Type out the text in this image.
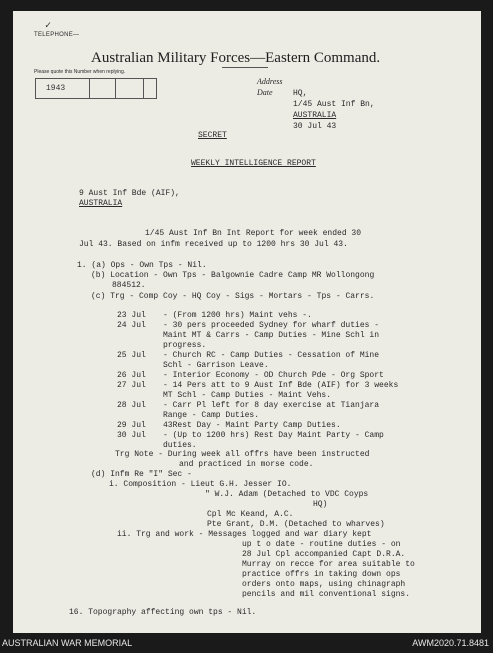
✓
TELEPHONE—
Australian Military Forces—Eastern Command.
Please quote this Number when replying.
1943
Address
Date	HQ,
1/45 Aust Inf Bn,
AUSTRALIA
30 Jul 43
SECRET
WEEKLY INTELLIGENCE REPORT
9 Aust Inf Bde (AIF),
AUSTRALIA
1/45 Aust Inf Bn Int Report for week ended 30
Jul 43. Based on infm received up to 1200 hrs 30 Jul 43.
1. (a) Ops - Own Tps - Nil.
(b) Location - Own Tps - Balgownie Cadre Camp MR Wollongong
884512.
(c) Trg - Comp Coy - HQ Coy - Sigs - Mortars - Tps - Carrs.
23 Jul - (From 1200 hrs) Maint vehs -.
24 Jul - 30 pers proceeded Sydney for wharf duties -
Maint MT & Carrs - Camp Duties - Mine Schl in
progress.
25 Jul - Church RC - Camp Duties - Cessation of Mine
Schl - Garrison Leave.
26 Jul - Interior Economy - OD Church Pde - Org Sport
27 Jul - 14 Pers att to 9 Aust Inf Bde (AIF) for 3 weeks
MT Schl - Camp Duties - Maint Vehs.
28 Jul - Carr Pl left for 8 day exercise at Tianjara
Range - Camp Duties.
29 Jul 43Rest Day - Maint Party Camp Duties.
30 Jul - (Up to 1200 hrs) Rest Day Maint Party - Camp
duties.
Trg Note - During week all offrs have been instructed
and practiced in morse code.
(d) Infm Re "I" Sec -
i. Composition - Lieut G.H. Jesser IO.
" W.J. Adam (Detached to VDC Coyps
HQ)
Cpl Mc Keand, A.C.
Pte Grant, D.M. (Detached to wharves)
ii. Trg and work - Messages logged and war diary kept
up t o date - routine duties - on
28 Jul Cpl accompanied Capt D.R.A.
Murray on recce for area suitable to
practice offrs in taking down ops
orders onto maps, using chinagraph
pencils and mil conventional signs.
16. Topography affecting own tps - Nil.
AUSTRALIAN WAR MEMORIAL	AWM2020.71.8481
